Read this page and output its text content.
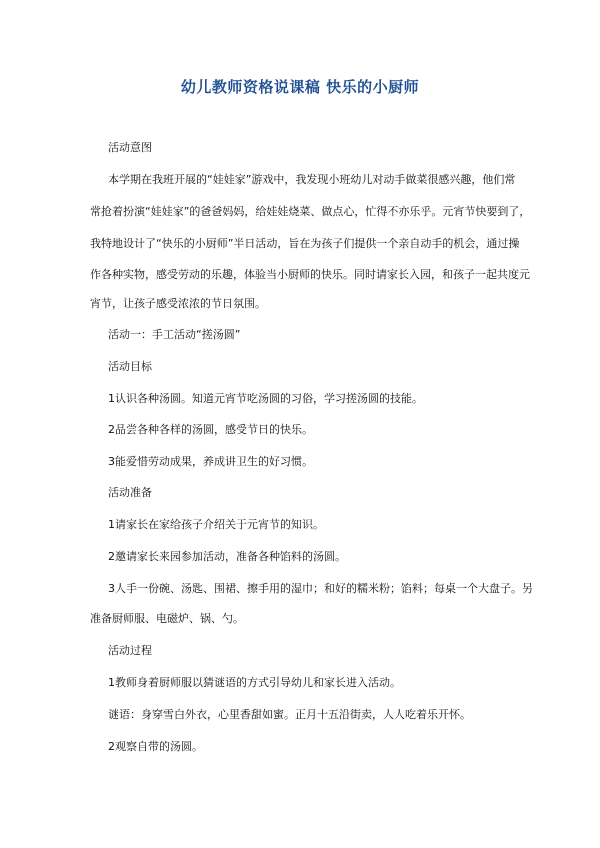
幼儿教师资格说课稿 快乐的小厨师
活动意图
本学期在我班开展的“娃娃家”游戏中，我发现小班幼儿对动手做菜很感兴趣，他们常
常抢着扮演“娃娃家”的爸爸妈妈，给娃娃烧菜、做点心，忙得不亦乐乎。元宵节快要到了，
我特地设计了“快乐的小厨师”半日活动，旨在为孩子们提供一个亲自动手的机会，通过操
作各种实物，感受劳动的乐趣，体验当小厨师的快乐。同时请家长入园，和孩子一起共度元
宵节，让孩子感受浓浓的节日氛围。
活动一：手工活动“搓汤圆”
活动目标
1认识各种汤圆。知道元宵节吃汤圆的习俗，学习搓汤圆的技能。
2品尝各种各样的汤圆，感受节日的快乐。
3能爱惜劳动成果，养成讲卫生的好习惯。
活动准备
1请家长在家给孩子介绍关于元宵节的知识。
2邀请家长来园参加活动，准备各种馅料的汤圆。
3人手一份碗、汤匙、围裙、擦手用的湿巾；和好的糯米粉；馅料；每桌一个大盘子。另
准备厨师服、电磁炉、锅、勺。
活动过程
1教师身着厨师服以猜谜语的方式引导幼儿和家长进入活动。
谜语：身穿雪白外衣，心里香甜如蜜。正月十五沿街卖，人人吃着乐开怀。
2观察自带的汤圆。
